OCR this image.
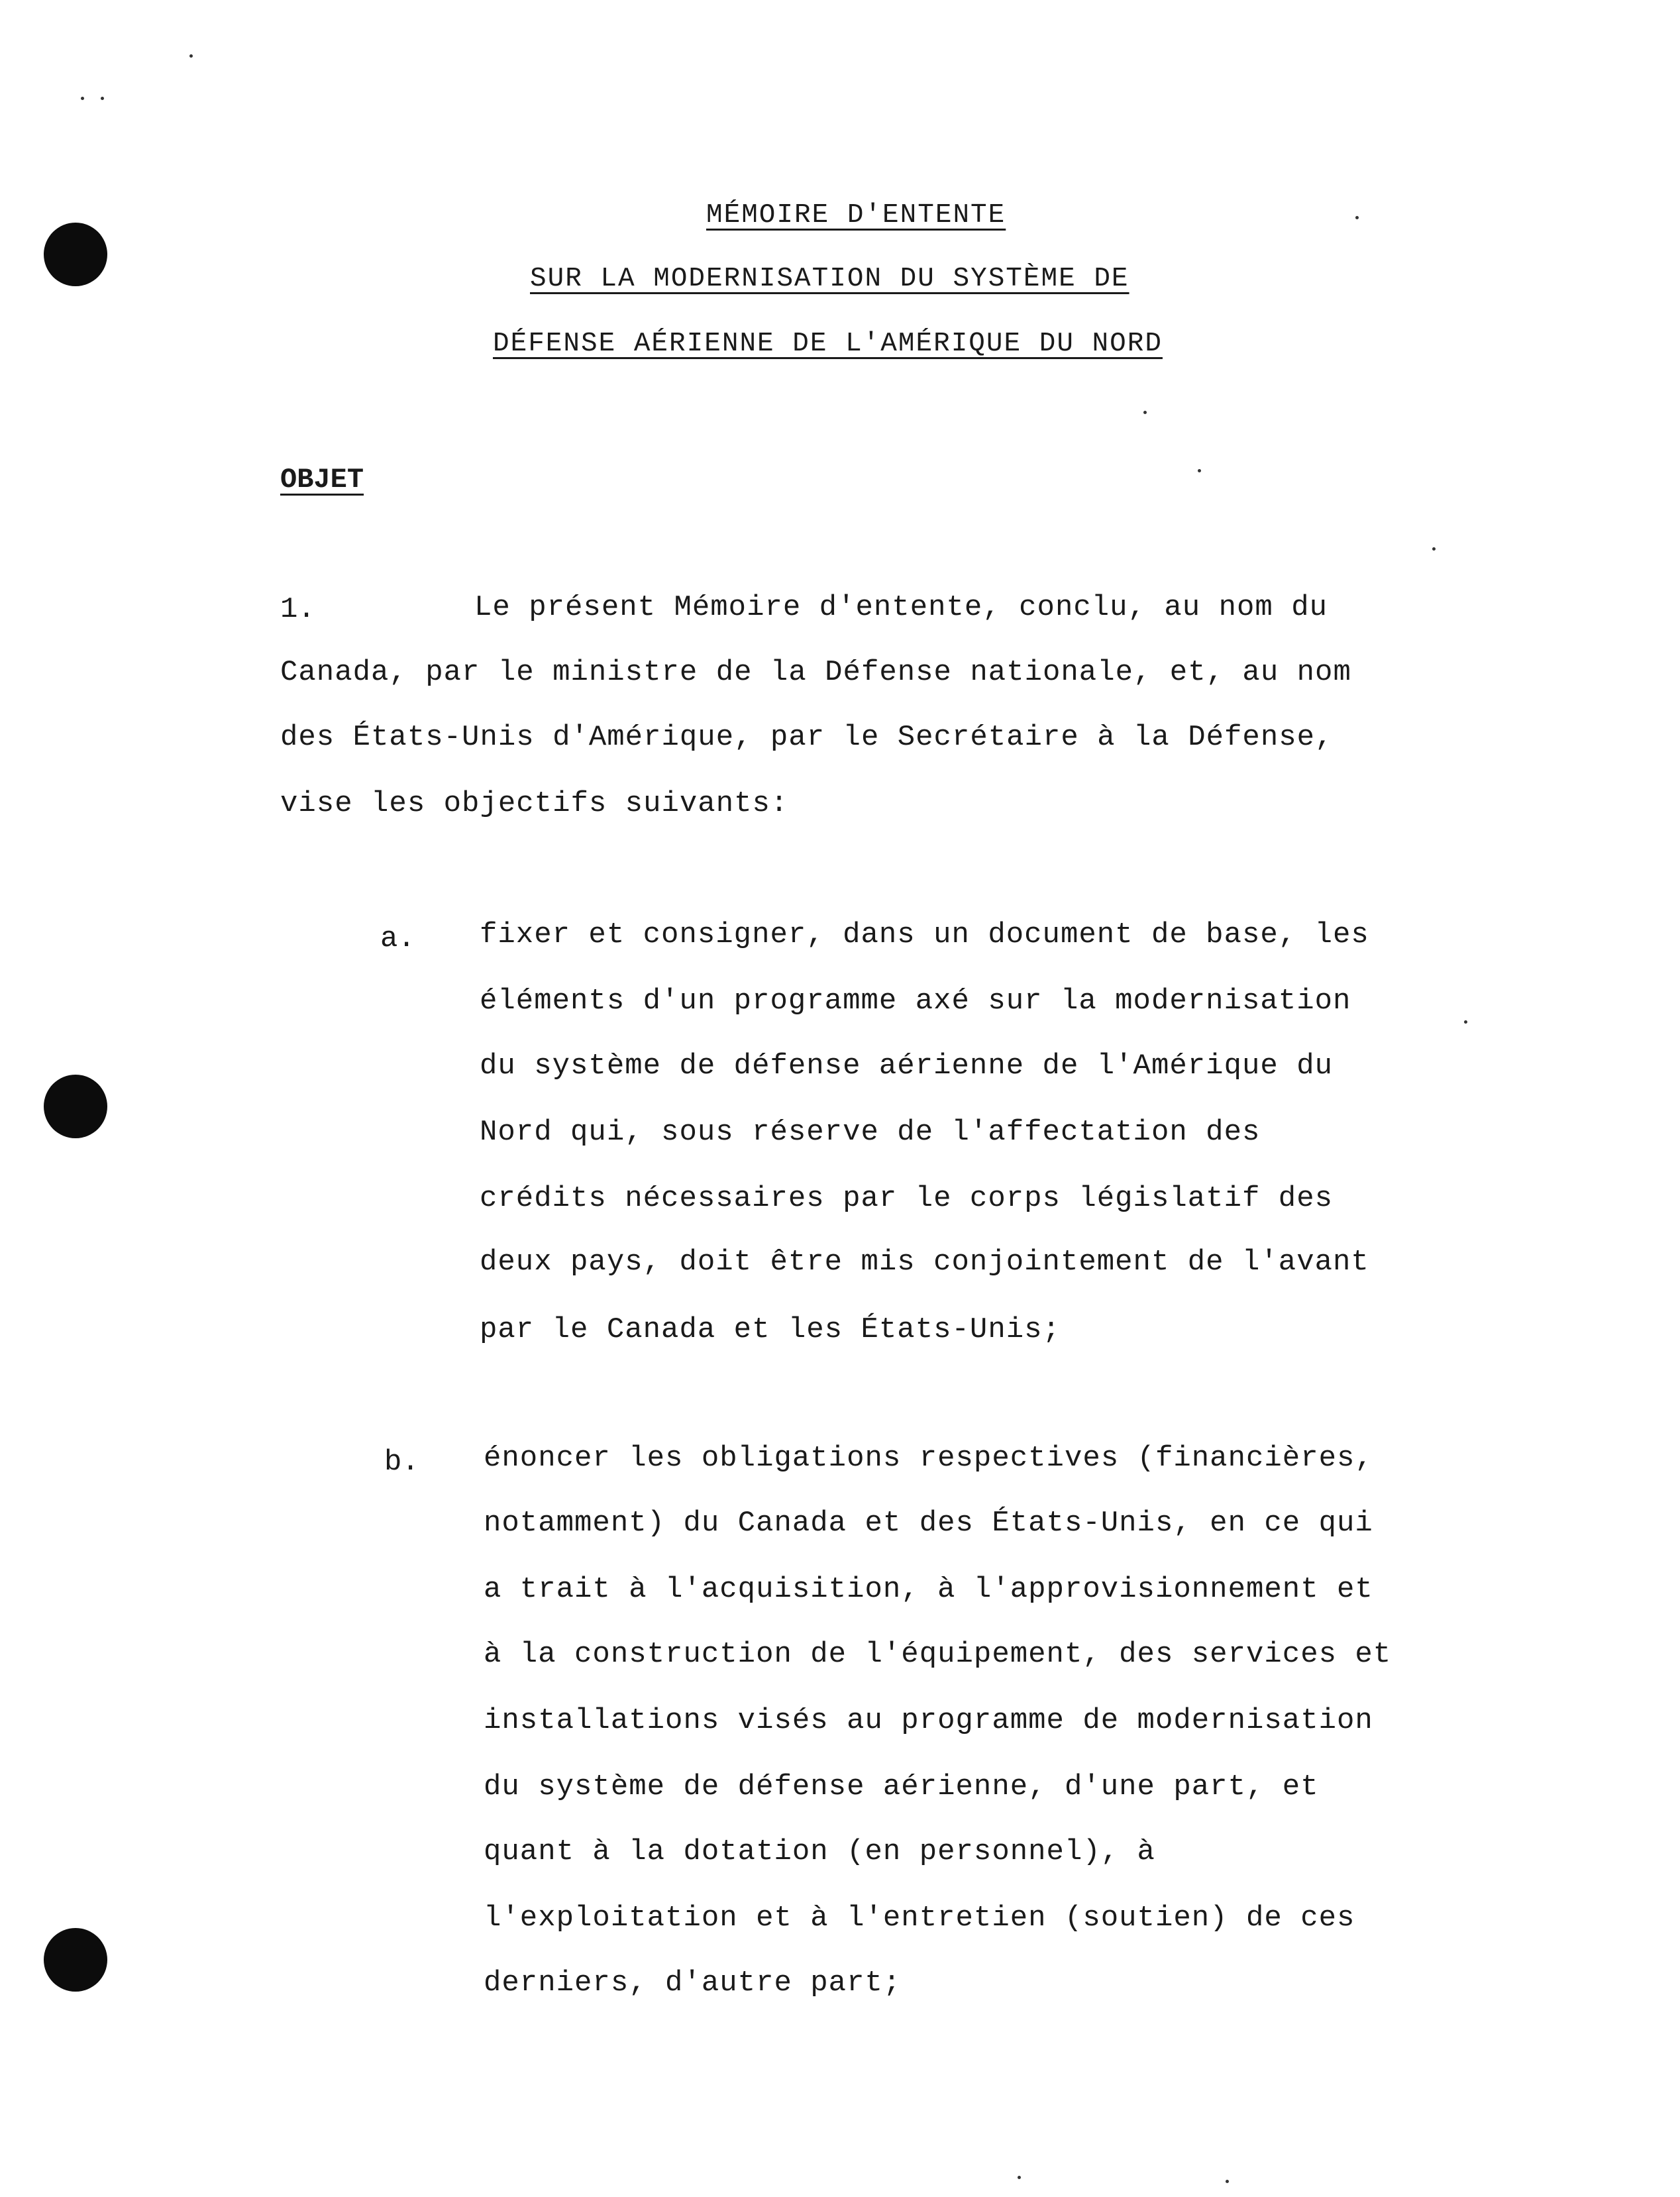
MÉMOIRE D'ENTENTE
SUR LA MODERNISATION DU SYSTÈME DE
DÉFENSE AÉRIENNE DE L'AMÉRIQUE DU NORD
OBJET
1.	Le présent Mémoire d'entente, conclu, au nom du
Canada, par le ministre de la Défense nationale, et, au nom
des États-Unis d'Amérique, par le Secrétaire à la Défense,
vise les objectifs suivants:
a. fixer et consigner, dans un document de base, les
éléments d'un programme axé sur la modernisation
du système de défense aérienne de l'Amérique du
Nord qui, sous réserve de l'affectation des
crédits nécessaires par le corps législatif des
deux pays, doit être mis conjointement de l'avant
par le Canada et les États-Unis;
b. énoncer les obligations respectives (financières,
notamment) du Canada et des États-Unis, en ce qui
a trait à l'acquisition, à l'approvisionnement et
à la construction de l'équipement, des services et
installations visés au programme de modernisation
du système de défense aérienne, d'une part, et
quant à la dotation (en personnel), à
l'exploitation et à l'entretien (soutien) de ces
derniers, d'autre part;
